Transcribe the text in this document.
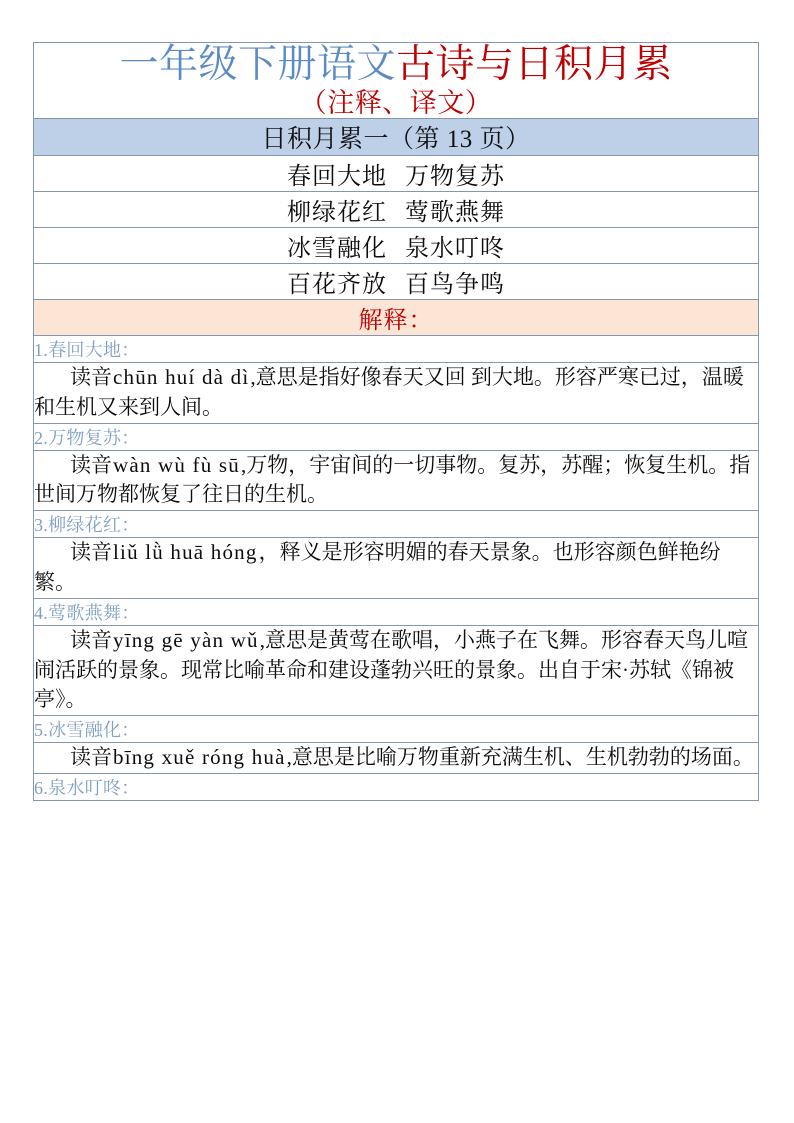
一年级下册语文古诗与日积月累
（注释、译文）

日积月累一（第 13 页）
春回大地 万物复苏
柳绿花红 莺歌燕舞
冰雪融化 泉水叮咚
百花齐放 百鸟争鸣
解释：
1.春回大地：

读音chūn huí dà dì,意思是指好像春天又回 到大地。形容严寒已过，温暖和生机又来到人间。

2.万物复苏：

读音wàn wù fù sū,万物，宇宙间的一切事物。复苏，苏醒；恢复生机。指世间万物都恢复了往日的生机。

3.柳绿花红：

读音liǔ lǜ huā hóng，释义是形容明媚的春天景象。也形容颜色鲜艳纷繁。

4.莺歌燕舞：

读音yīng gē yàn wǔ,意思是黄莺在歌唱，小燕子在飞舞。形容春天鸟儿喧闹活跃的景象。现常比喻革命和建设蓬勃兴旺的景象。出自于宋·苏轼《锦被亭》。

5.冰雪融化：

读音bīng xuě róng huà,意思是比喻万物重新充满生机、生机勃勃的场面。

6.泉水叮咚：
